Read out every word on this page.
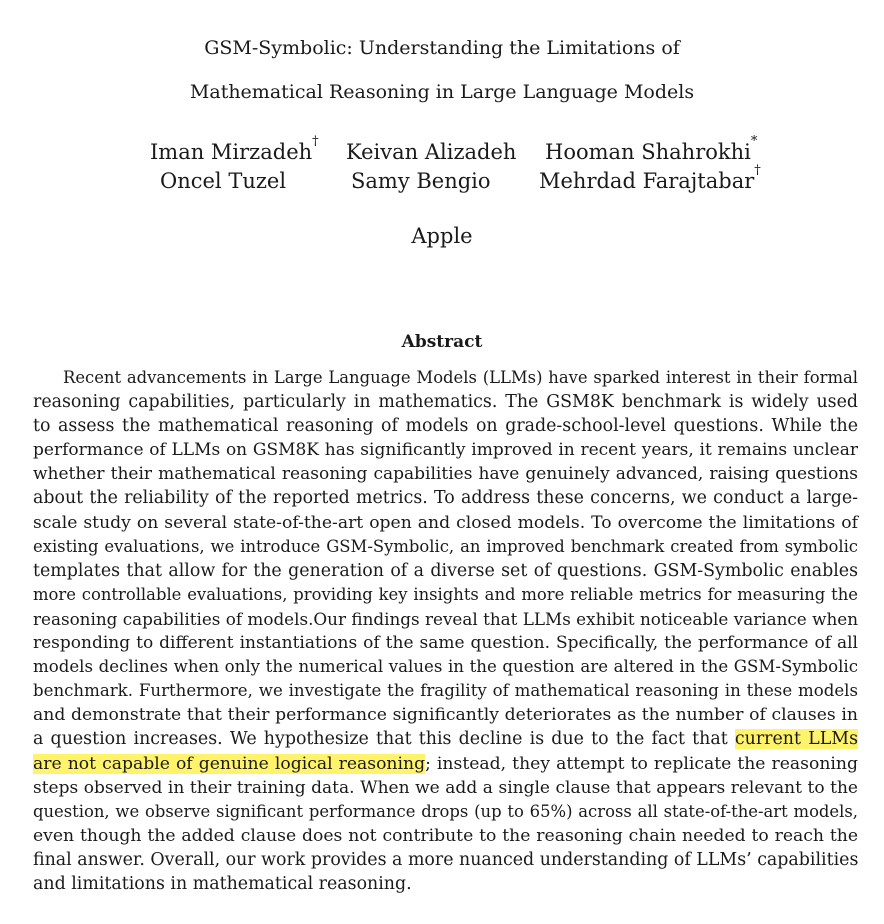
GSM-Symbolic: Understanding the Limitations of
Mathematical Reasoning in Large Language Models
Iman Mirzadeh† Keivan Alizadeh Hooman Shahrokhi*
Oncel Tuzel	Samy Bengio Mehrdad Farajtabar†
Apple
Abstract
Recent advancements in Large Language Models (LLMs) have sparked interest in their formal
reasoning capabilities, particularly in mathematics. The GSM8K benchmark is widely used
to assess the mathematical reasoning of models on grade-school-level questions. While the
performance of LLMs on GSM8K has significantly improved in recent years, it remains unclear
whether their mathematical reasoning capabilities have genuinely advanced, raising questions
about the reliability of the reported metrics. To address these concerns, we conduct a large-
scale study on several state-of-the-art open and closed models. To overcome the limitations of
existing evaluations, we introduce GSM-Symbolic, an improved benchmark created from symbolic
templates that allow for the generation of a diverse set of questions. GSM-Symbolic enables
more controllable evaluations, providing key insights and more reliable metrics for measuring the
reasoning capabilities of models.Our findings reveal that LLMs exhibit noticeable variance when
responding to different instantiations of the same question. Specifically, the performance of all
models declines when only the numerical values in the question are altered in the GSM-Symbolic
benchmark. Furthermore, we investigate the fragility of mathematical reasoning in these models
and demonstrate that their performance significantly deteriorates as the number of clauses in
a question increases. We hypothesize that this decline is due to the fact that current LLMs
are not capable of genuine logical reasoning; instead, they attempt to replicate the reasoning
steps observed in their training data. When we add a single clause that appears relevant to the
question, we observe significant performance drops (up to 65%) across all state-of-the-art models,
even though the added clause does not contribute to the reasoning chain needed to reach the
final answer. Overall, our work provides a more nuanced understanding of LLMs’ capabilities
and limitations in mathematical reasoning.
